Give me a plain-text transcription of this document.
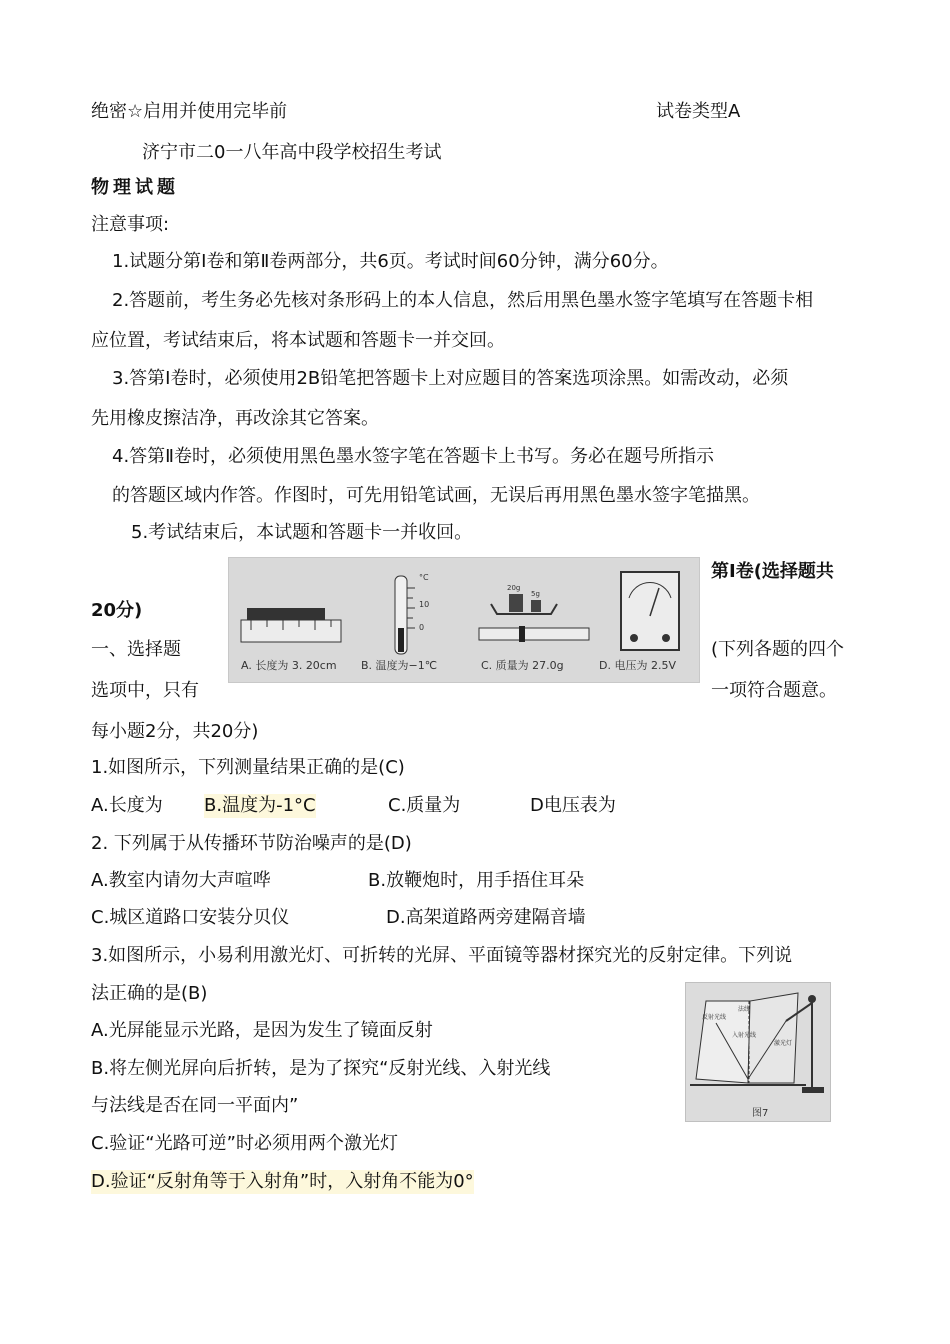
绝密☆启用并使用完毕前	试卷类型A
济宁市二0一八年高中段学校招生考试
物理试题
注意事项:
1.试题分第Ⅰ卷和第Ⅱ卷两部分，共6页。考试时间60分钟，满分60分。
2.答题前，考生务必先核对条形码上的本人信息，然后用黑色墨水签字笔填写在答题卡相
应位置，考试结束后，将本试题和答题卡一并交回。
3.答第Ⅰ卷时，必须使用2B铅笔把答题卡上对应题目的答案选项涂黑。如需改动，必须
先用橡皮擦洁净，再改涂其它答案。
4.答第Ⅱ卷时，必须使用黑色墨水签字笔在答题卡上书写。务必在题号所指示
的答题区域内作答。作图时，可先用铅笔试画，无误后再用黑色墨水签字笔描黑。
5.考试结束后，本试题和答题卡一并收回。
第Ⅰ卷(选择题共
20分)
一、选择题	(下列各题的四个
选项中，只有	一项符合题意。
每小题2分，共20分)
°C
10
0
20g
5g
A. 长度为 3. 20cm B. 温度为−1℃	C. 质量为 27.0g	D. 电压为 2.5V
1.如图所示，下列测量结果正确的是(C)
A.长度为 B.温度为-1°C	C.质量为	D电压表为
2. 下列属于从传播环节防治噪声的是(D)
A.教室内请勿大声喧哗	B.放鞭炮时，用手捂住耳朵
C.城区道路口安装分贝仪	D.高架道路两旁建隔音墙
3.如图所示，小易利用激光灯、可折转的光屏、平面镜等器材探究光的反射定律。下列说
法正确的是(B)
A.光屏能显示光路，是因为发生了镜面反射
B.将左侧光屏向后折转，是为了探究“反射光线、入射光线
与法线是否在同一平面内”
C.验证“光路可逆”时必须用两个激光灯
D.验证“反射角等于入射角”时，入射角不能为0°
法线
反射光线
入射光线
激光灯
图7
